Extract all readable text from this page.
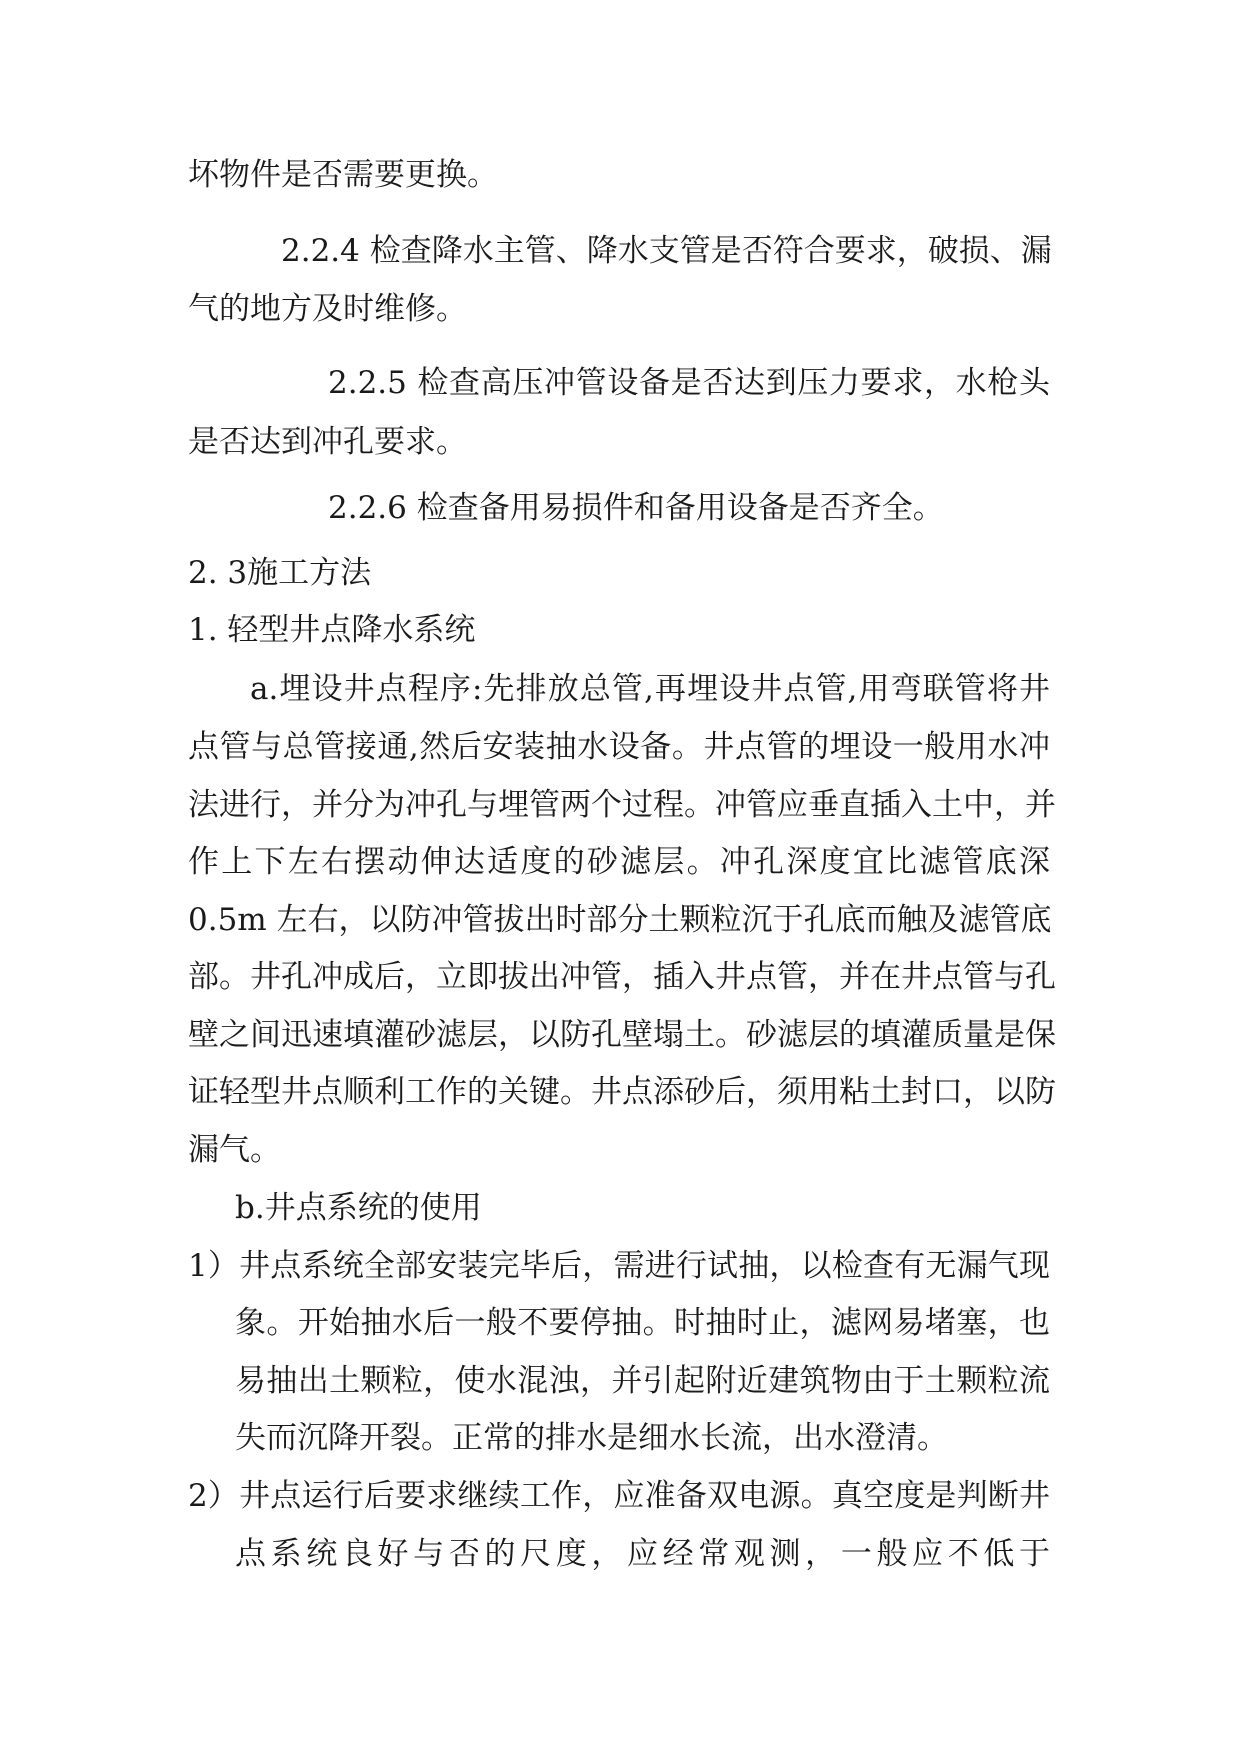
坏物件是否需要更换。
2.2.4 检查降水主管、降水支管是否符合要求，破损、漏
气的地方及时维修。
2.2.5 检查高压冲管设备是否达到压力要求，水枪头
是否达到冲孔要求。
2.2.6 检查备用易损件和备用设备是否齐全。
2. 3施工方法
1. 轻型井点降水系统
a.埋设井点程序:先排放总管,再埋设井点管,用弯联管将井
点管与总管接通,然后安装抽水设备。井点管的埋设一般用水冲
法进行，并分为冲孔与埋管两个过程。冲管应垂直插入土中，并
作上下左右摆动伸达适度的砂滤层。冲孔深度宜比滤管底深
0.5m 左右，以防冲管拔出时部分土颗粒沉于孔底而触及滤管底
部。井孔冲成后，立即拔出冲管，插入井点管，并在井点管与孔
壁之间迅速填灌砂滤层，以防孔壁塌土。砂滤层的填灌质量是保
证轻型井点顺利工作的关键。井点添砂后，须用粘土封口，以防
漏气。
b.井点系统的使用
1）井点系统全部安装完毕后，需进行试抽，以检查有无漏气现
象。开始抽水后一般不要停抽。时抽时止，滤网易堵塞，也
易抽出土颗粒，使水混浊，并引起附近建筑物由于土颗粒流
失而沉降开裂。正常的排水是细水长流，出水澄清。
2）井点运行后要求继续工作，应准备双电源。真空度是判断井
点系统良好与否的尺度，应经常观测，一般应不低于
